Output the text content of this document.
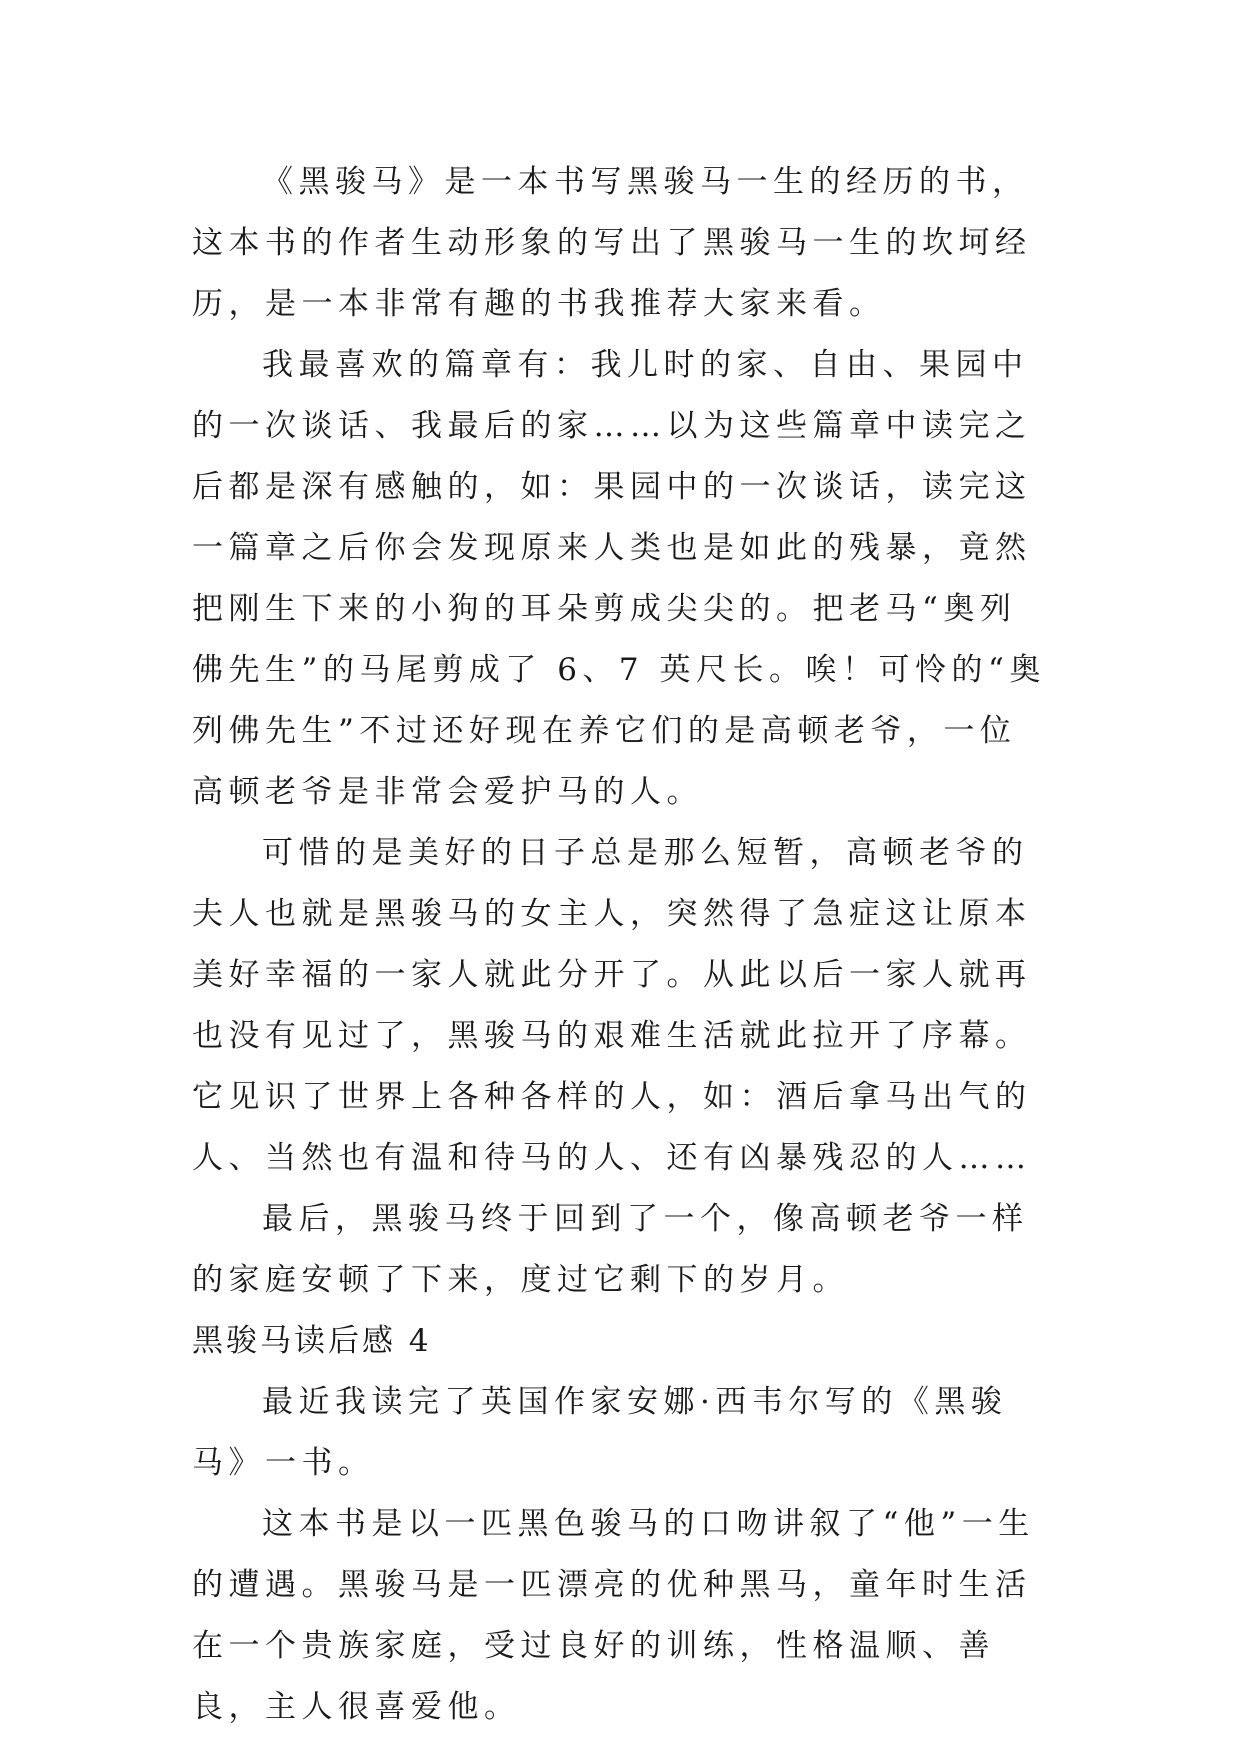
《黑骏马》是一本书写黑骏马一生的经历的书，这本书的作者生动形象的写出了黑骏马一生的坎坷经历，是一本非常有趣的书我推荐大家来看。

我最喜欢的篇章有：我儿时的家、自由、果园中的一次谈话、我最后的家……以为这些篇章中读完之后都是深有感触的，如：果园中的一次谈话，读完这一篇章之后你会发现原来人类也是如此的残暴，竟然把刚生下来的小狗的耳朵剪成尖尖的。把老马“奥列佛先生”的马尾剪成了 6、7 英尺长。唉！可怜的“奥列佛先生”不过还好现在养它们的是高顿老爷，一位高顿老爷是非常会爱护马的人。

可惜的是美好的日子总是那么短暂，高顿老爷的夫人也就是黑骏马的女主人，突然得了急症这让原本美好幸福的一家人就此分开了。从此以后一家人就再也没有见过了，黑骏马的艰难生活就此拉开了序幕。它见识了世界上各种各样的人，如：酒后拿马出气的人、当然也有温和待马的人、还有凶暴残忍的人……

最后，黑骏马终于回到了一个，像高顿老爷一样的家庭安顿了下来，度过它剩下的岁月。

黑骏马读后感 4

最近我读完了英国作家安娜·西韦尔写的《黑骏马》一书。

这本书是以一匹黑色骏马的口吻讲叙了“他”一生的遭遇。黑骏马是一匹漂亮的优种黑马，童年时生活在一个贵族家庭，受过良好的训练，性格温顺、善良，主人很喜爱他。
